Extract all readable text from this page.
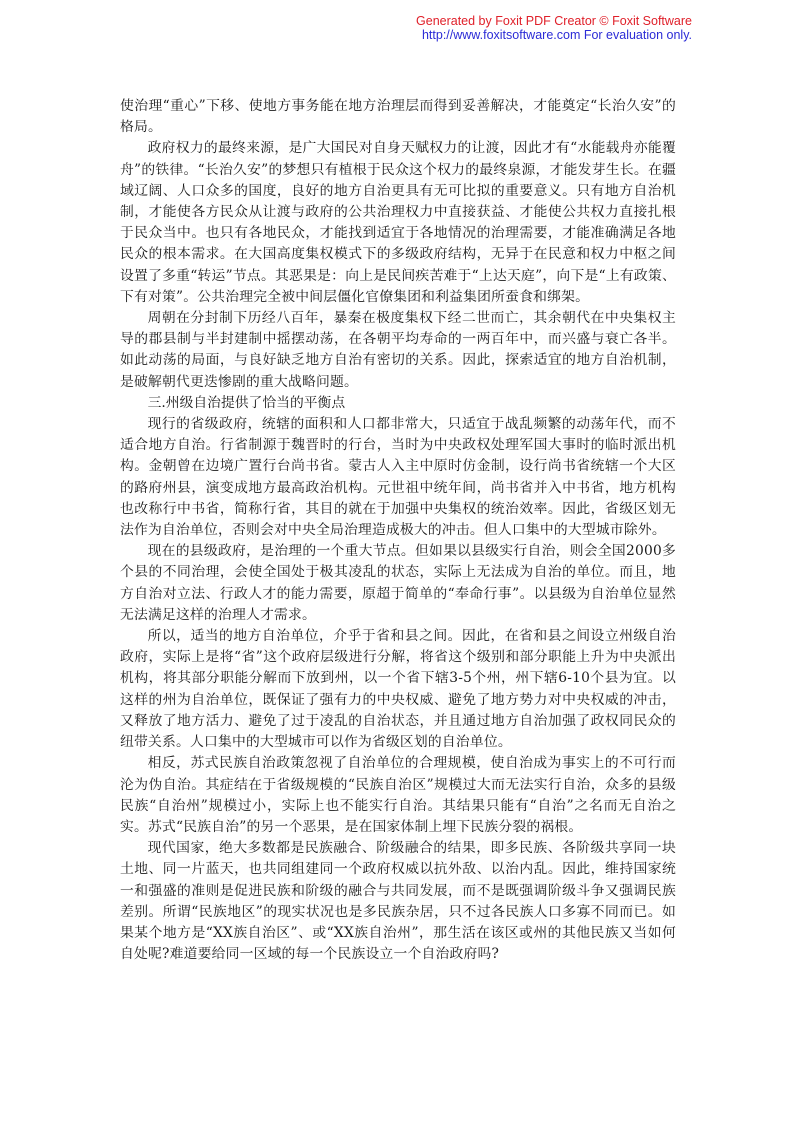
Generated by Foxit PDF Creator © Foxit Software
http://www.foxitsoftware.com For evaluation only.

使治理“重心”下移、使地方事务能在地方治理层而得到妥善解决，才能奠定“长治久安”的格局。

政府权力的最终来源，是广大国民对自身天赋权力的让渡，因此才有“水能载舟亦能覆舟”的铁律。“长治久安”的梦想只有植根于民众这个权力的最终泉源，才能发芽生长。在疆域辽阔、人口众多的国度，良好的地方自治更具有无可比拟的重要意义。只有地方自治机制，才能使各方民众从让渡与政府的公共治理权力中直接获益、才能使公共权力直接扎根于民众当中。也只有各地民众，才能找到适宜于各地情况的治理需要，才能准确满足各地民众的根本需求。在大国高度集权模式下的多级政府结构，无异于在民意和权力中枢之间设置了多重“转运”节点。其恶果是：向上是民间疾苦难于“上达天庭”，向下是“上有政策、下有对策”。公共治理完全被中间层僵化官僚集团和利益集团所蚕食和绑架。

周朝在分封制下历经八百年，暴秦在极度集权下经二世而亡，其余朝代在中央集权主导的郡县制与半封建制中摇摆动荡，在各朝平均寿命的一两百年中，而兴盛与衰亡各半。如此动荡的局面，与良好缺乏地方自治有密切的关系。因此，探索适宜的地方自治机制，是破解朝代更迭惨剧的重大战略问题。

三.州级自治提供了恰当的平衡点

现行的省级政府，统辖的面积和人口都非常大，只适宜于战乱频繁的动荡年代，而不适合地方自治。行省制源于魏晋时的行台，当时为中央政权处理军国大事时的临时派出机构。金朝曾在边境广置行台尚书省。蒙古人入主中原时仿金制，设行尚书省统辖一个大区的路府州县，演变成地方最高政治机构。元世祖中统年间，尚书省并入中书省，地方机构也改称行中书省，简称行省，其目的就在于加强中央集权的统治效率。因此，省级区划无法作为自治单位，否则会对中央全局治理造成极大的冲击。但人口集中的大型城市除外。

现在的县级政府，是治理的一个重大节点。但如果以县级实行自治，则会全国2000多个县的不同治理，会使全国处于极其凌乱的状态，实际上无法成为自治的单位。而且，地方自治对立法、行政人才的能力需要，原超于简单的“奉命行事”。以县级为自治单位显然无法满足这样的治理人才需求。

所以，适当的地方自治单位，介乎于省和县之间。因此，在省和县之间设立州级自治政府，实际上是将“省”这个政府层级进行分解，将省这个级别和部分职能上升为中央派出机构，将其部分职能分解而下放到州，以一个省下辖3-5个州，州下辖6-10个县为宜。以这样的州为自治单位，既保证了强有力的中央权威、避免了地方势力对中央权威的冲击，又释放了地方活力、避免了过于凌乱的自治状态，并且通过地方自治加强了政权同民众的纽带关系。人口集中的大型城市可以作为省级区划的自治单位。

相反，苏式民族自治政策忽视了自治单位的合理规模，使自治成为事实上的不可行而沦为伪自治。其症结在于省级规模的“民族自治区”规模过大而无法实行自治，众多的县级民族“自治州”规模过小，实际上也不能实行自治。其结果只能有“自治”之名而无自治之实。苏式“民族自治”的另一个恶果，是在国家体制上埋下民族分裂的祸根。

现代国家，绝大多数都是民族融合、阶级融合的结果，即多民族、各阶级共享同一块土地、同一片蓝天，也共同组建同一个政府权威以抗外敌、以治内乱。因此，维持国家统一和强盛的准则是促进民族和阶级的融合与共同发展，而不是既强调阶级斗争又强调民族差别。所谓“民族地区”的现实状况也是多民族杂居，只不过各民族人口多寡不同而已。如果某个地方是“XX族自治区”、或“XX族自治州”，那生活在该区或州的其他民族又当如何自处呢?难道要给同一区域的每一个民族设立一个自治政府吗?
